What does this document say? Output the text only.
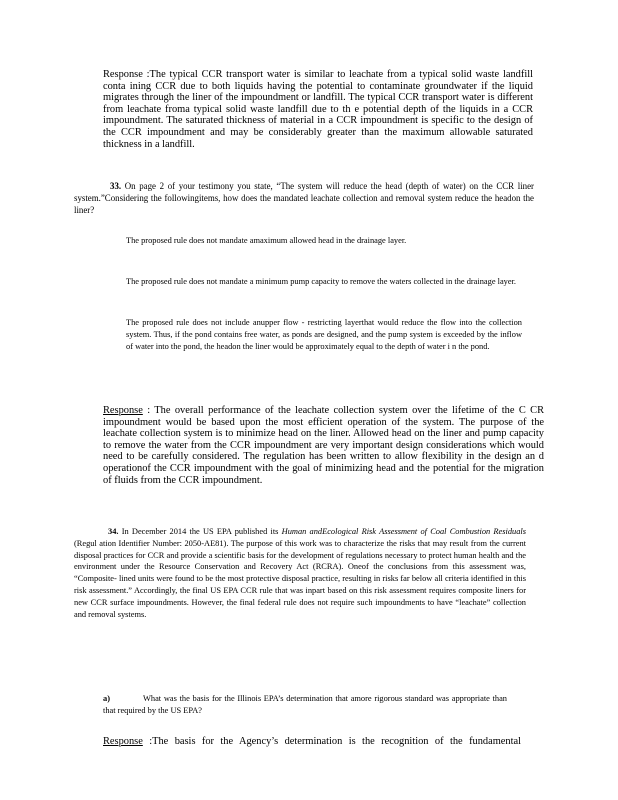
Response :The typical CCR transport water is similar to leachate from a typical solid waste landfill conta ining CCR due to both liquids having the potential to contaminate groundwater if the liquid migrates through the liner of the impoundment or landfill. The typical CCR transport water is different from leachate froma typical solid waste landfill due to th e potential depth of the liquids in a CCR impoundment. The saturated thickness of material in a CCR impoundment is specific to the design of the CCR impoundment and may be considerably greater than the maximum allowable saturated thickness in a landfill.
33. On page 2 of your testimony you state, “The system will reduce the head (depth of water) on the CCR liner system.”Considering the followingitems, how does the mandated leachate collection and removal system reduce the headon the liner?
The proposed rule does not mandate amaximum allowed head in the drainage layer.
The proposed rule does not mandate a minimum pump capacity to remove the waters collected in the drainage layer.
The proposed rule does not include anupper flow - restricting layerthat would reduce the flow into the collection system. Thus, if the pond contains free water, as ponds are designed, and the pump system is exceeded by the inflow of water into the pond, the headon the liner would be approximately equal to the depth of water i n the pond.
Response : The overall performance of the leachate collection system over the lifetime of the C CR impoundment would be based upon the most efficient operation of the system. The purpose of the leachate collection system is to minimize head on the liner. Allowed head on the liner and pump capacity to remove the water from the CCR impoundment are very important design considerations which would need to be carefully considered. The regulation has been written to allow flexibility in the design an d operationof the CCR impoundment with the goal of minimizing head and the potential for the migration of fluids from the CCR impoundment.
34. In December 2014 the US EPA published its Human andEcological Risk Assessment of Coal Combustion Residuals (Regul ation Identifier Number: 2050-AE81). The purpose of this work was to characterize the risks that may result from the current disposal practices for CCR and provide a scientific basis for the development of regulations necessary to protect human health and the environment under the Resource Conservation and Recovery Act (RCRA). Oneof the conclusions from this assessment was, “Composite- lined units were found to be the most protective disposal practice, resulting in risks far below all criteria identified in this risk assessment.” Accordingly, the final US EPA CCR rule that was inpart based on this risk assessment requires composite liners for new CCR surface impoundments. However, the final federal rule does not require such impoundments to have “leachate” collection and removal systems.
a)	What was the basis for the Illinois EPA’s determination that amore rigorous standard was appropriate than that required by the US EPA?
Response :The basis for the Agency’s determination is the recognition of the fundamental
